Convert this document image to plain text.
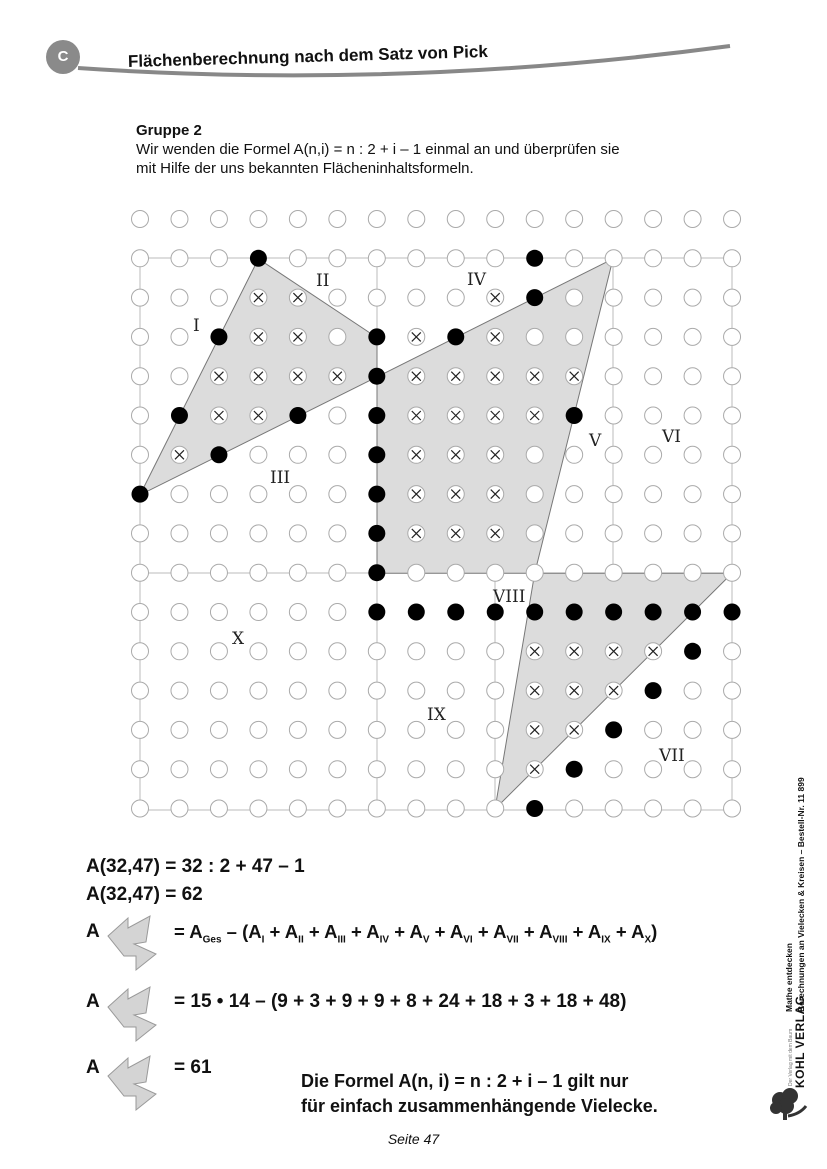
C	Flächenberechnung nach dem Satz von Pick
Gruppe 2
Wir wenden die Formel A(n,i) = n : 2 + i – 1 einmal an und überprüfen sie
mit Hilfe der uns bekannten Flächeninhaltsformeln.
I
II
III
IV
V	VI
VII
VIII
IX
X
A(32,47) = 32 : 2 + 47 – 1
A(32,47) = 62
A	= $A_{Ges} - (A_I + A_{II} + A_{III} + A_{IV} + A_V + A_{VI} + A_{VII} + A_{VIII} + A_{IX} + A_X)$
A	= 15 • 14 – (9 + 3 + 9 + 9 + 8 + 24 + 18 + 3 + 18 + 48)
A	= 61
Die Formel A(n, i) = n : 2 + i – 1 gilt nur
für einfach zusammenhängende Vielecke.
Seite 47
Mathe entdecken Berechnungen an Vielecken & Kreisen – Bestell-Nr. 11 899
Der Verlag mit dem Baum KOHL VERLAG
